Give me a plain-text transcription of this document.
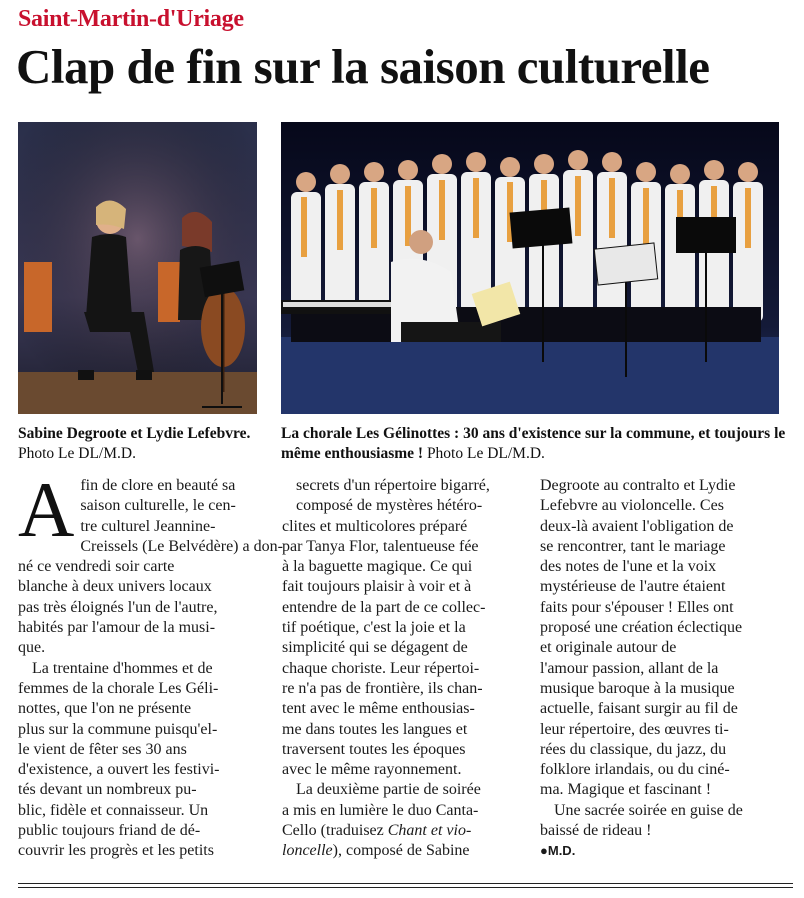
Saint-Martin-d'Uriage
Clap de fin sur la saison culturelle
Sabine Degroote et Lydie Lefebvre. Photo Le DL/M.D.
La chorale Les Gélinottes : 30 ans d'existence sur la commune, et toujours le même enthousiasme ! Photo Le DL/M.D.
A fin de clore en beauté sa
saison culturelle, le cen-
tre culturel Jeannine-
Creissels (Le Belvédère) a don-
né ce vendredi soir carte
blanche à deux univers locaux
pas très éloignés l'un de l'autre,
habités par l'amour de la musi-
que.
La trentaine d'hommes et de
femmes de la chorale Les Géli-
nottes, que l'on ne présente
plus sur la commune puisqu'el-
le vient de fêter ses 30 ans
d'existence, a ouvert les festivi-
tés devant un nombreux pu-
blic, fidèle et connaisseur. Un
public toujours friand de dé-
couvrir les progrès et les petits
secrets d'un répertoire bigarré,
composé de mystères hétéro-
clites et multicolores préparé
par Tanya Flor, talentueuse fée
à la baguette magique. Ce qui
fait toujours plaisir à voir et à
entendre de la part de ce collec-
tif poétique, c'est la joie et la
simplicité qui se dégagent de
chaque choriste. Leur répertoi-
re n'a pas de frontière, ils chan-
tent avec le même enthousias-
me dans toutes les langues et
traversent toutes les époques
avec le même rayonnement.
La deuxième partie de soirée
a mis en lumière le duo Canta-
Cello (traduisez Chant et vio-
loncelle), composé de Sabine
Degroote au contralto et Lydie
Lefebvre au violoncelle. Ces
deux-là avaient l'obligation de
se rencontrer, tant le mariage
des notes de l'une et la voix
mystérieuse de l'autre étaient
faits pour s'épouser ! Elles ont
proposé une création éclectique
et originale autour de
l'amour passion, allant de la
musique baroque à la musique
actuelle, faisant surgir au fil de
leur répertoire, des œuvres ti-
rées du classique, du jazz, du
folklore irlandais, ou du ciné-
ma. Magique et fascinant !
Une sacrée soirée en guise de
baissé de rideau !
●M.D.
